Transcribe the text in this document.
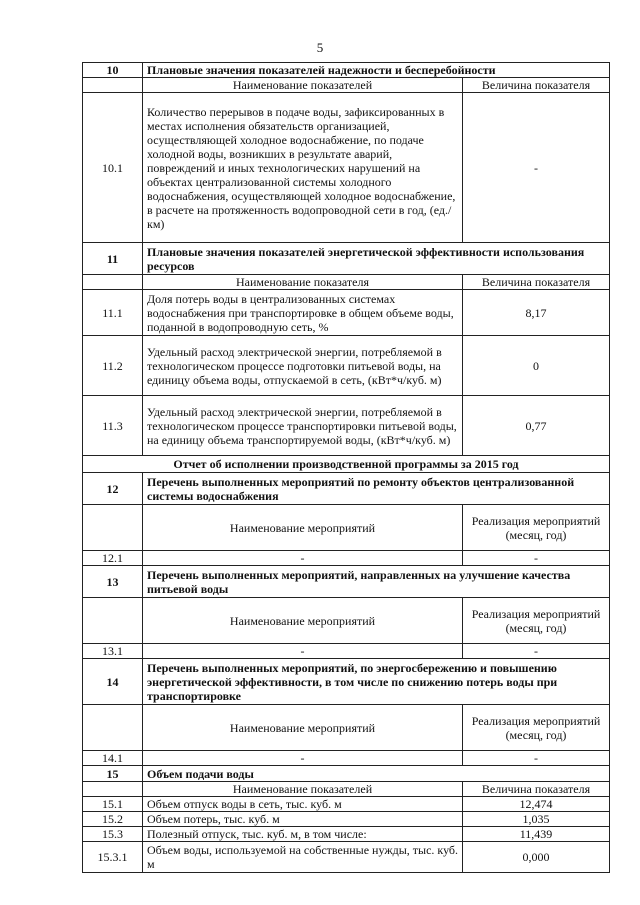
5
10	Плановые значения показателей надежности и бесперебойности	
	Наименование показателей	Величина показателя
10.1	Количество перерывов в подаче воды, зафиксированных в местах исполнения обязательств организацией, осуществляющей холодное водоснабжение, по подаче холодной воды, возникших в результате аварий, повреждений и иных технологических нарушений на объектах централизованной системы холодного водоснабжения, осуществляющей холодное водоснабжение, в расчете на протяженность водопроводной сети в год, (ед./км)	-
11	Плановые значения показателей энергетической эффективности использования ресурсов	
	Наименование показателя	Величина показателя
11.1	Доля потерь воды в централизованных системах водоснабжения при транспортировке в общем объеме воды, поданной в водопроводную сеть, %	8,17
11.2	Удельный расход электрической энергии, потребляемой в технологическом процессе подготовки питьевой воды, на единицу объема воды, отпускаемой в сеть, (кВт*ч/куб. м)	0
11.3	Удельный расход электрической энергии, потребляемой в технологическом процессе транспортировки питьевой воды, на единицу объема транспортируемой воды, (кВт*ч/куб. м)	0,77
Отчет об исполнении производственной программы за 2015 год		
12	Перечень выполненных мероприятий по ремонту объектов централизованной системы водоснабжения	
	Наименование мероприятий	Реализация мероприятий (месяц, год)
12.1	-	-
13	Перечень выполненных мероприятий, направленных на улучшение качества питьевой воды	
	Наименование мероприятий	Реализация мероприятий (месяц, год)
13.1	-	-
14	Перечень выполненных мероприятий, по энергосбережению и повышению энергетической эффективности, в том числе по снижению потерь воды при транспортировке	
	Наименование мероприятий	Реализация мероприятий (месяц, год)
14.1	-	-
15	Объем подачи воды	
	Наименование показателей	Величина показателя
15.1	Объем отпуск воды в сеть, тыс. куб. м	12,474
15.2	Объем потерь, тыс. куб. м	1,035
15.3	Полезный отпуск, тыс. куб. м, в том числе:	11,439
15.3.1	Объем воды, используемой на собственные нужды, тыс. куб. м	0,000
